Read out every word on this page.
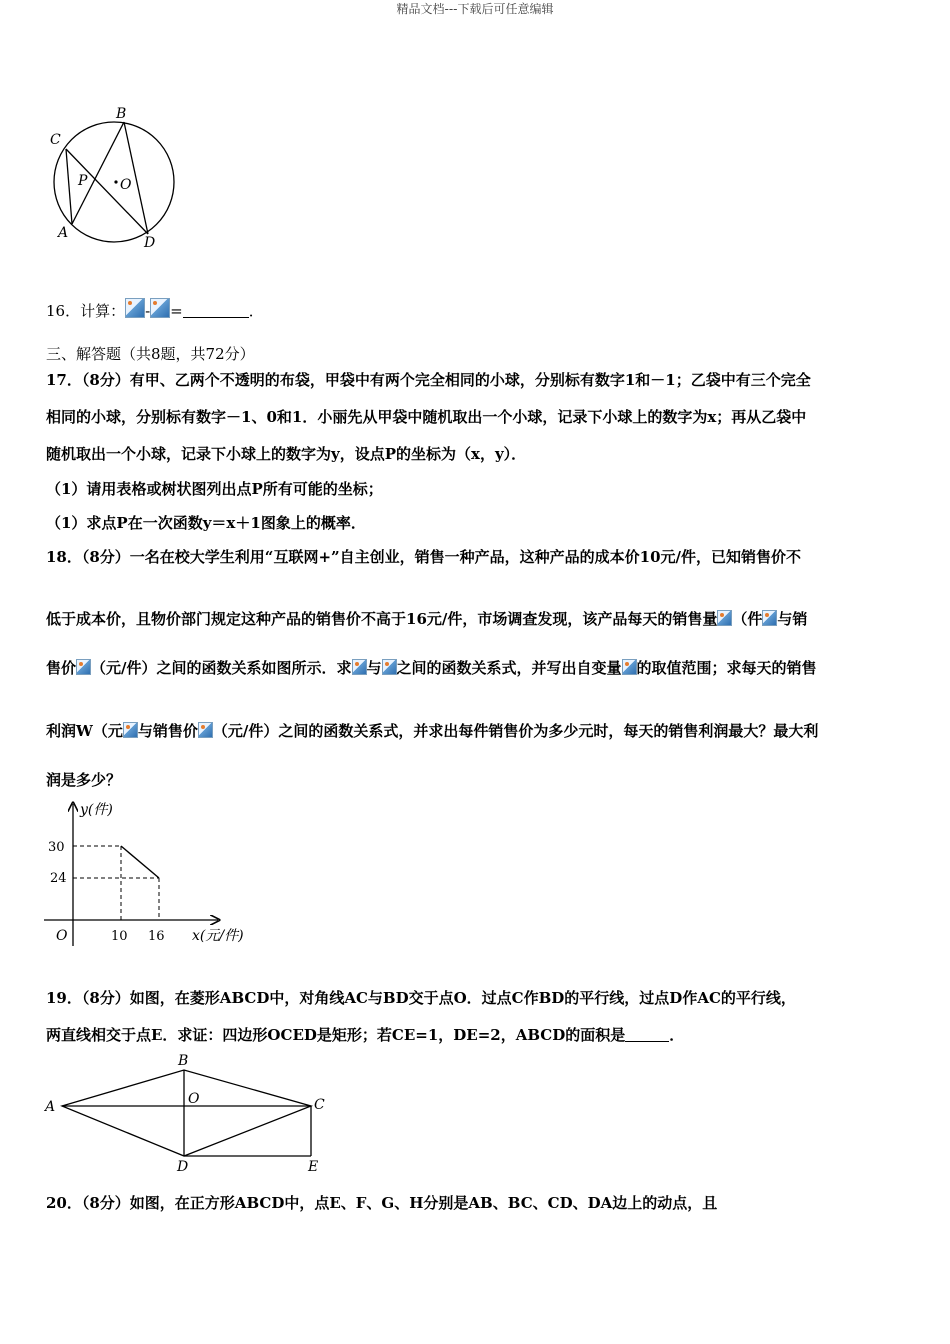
精品文档---下载后可任意编辑
B
C
P O
A
D
16．计算： - =	．
三、解答题（共8题，共72分）
17．（8分）有甲、乙两个不透明的布袋，甲袋中有两个完全相同的小球，分别标有数字1和－1；乙袋中有三个完全
相同的小球，分别标有数字－1、0和1．小丽先从甲袋中随机取出一个小球，记录下小球上的数字为x；再从乙袋中
随机取出一个小球，记录下小球上的数字为y，设点P的坐标为（x，y）．
（1）请用表格或树状图列出点P所有可能的坐标；
（1）求点P在一次函数y＝x＋1图象上的概率．
18．（8分）一名在校大学生利用“互联网+”自主创业，销售一种产品，这种产品的成本价10元/件，已知销售价不
低于成本价，且物价部门规定这种产品的销售价不高于16元/件，市场调查发现，该产品每天的销售量 （件 与销
售价 （元/件）之间的函数关系如图所示．求 与 之间的函数关系式，并写出自变量 的取值范围；求每天的销售
利润W（元 与销售价 （元/件）之间的函数关系式，并求出每件销售价为多少元时，每天的销售利润最大？最大利
润是多少？
y(件)
30
24
O	10 16 x(元/件)
19．（8分）如图，在菱形ABCD中，对角线AC与BD交于点O．过点C作BD的平行线，过点D作AC的平行线，
两直线相交于点E．求证：四边形OCED是矩形；若CE=1，DE=2，ABCD的面积是	．
A
B
C
O
D	E
20．（8分）如图，在正方形ABCD中，点E、F、G、H分别是AB、BC、CD、DA边上的动点，且
